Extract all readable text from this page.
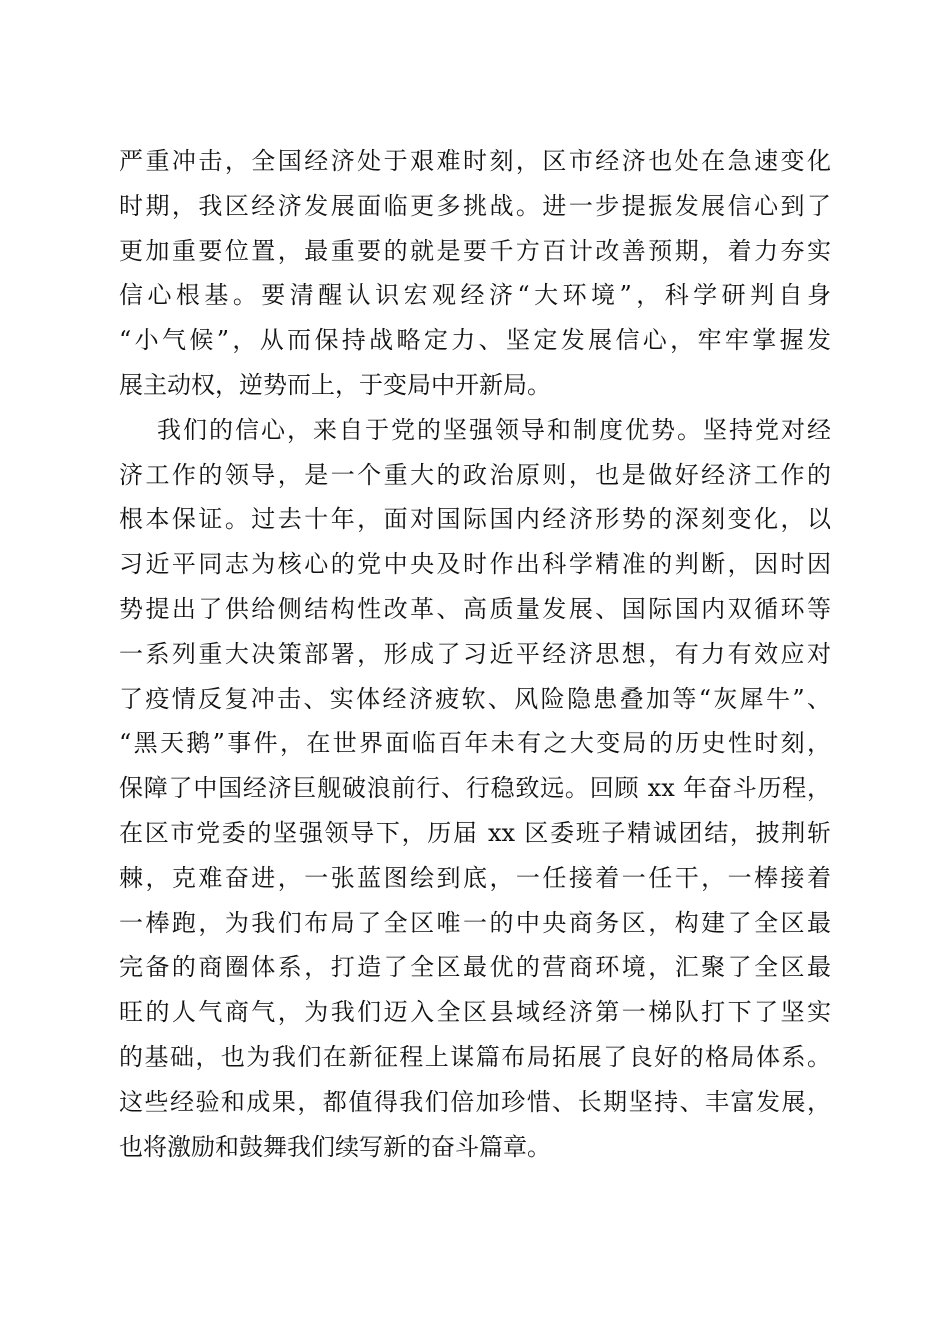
严重冲击，全国经济处于艰难时刻，区市经济也处在急速变化
时期，我区经济发展面临更多挑战。进一步提振发展信心到了
更加重要位置，最重要的就是要千方百计改善预期，着力夯实
信心根基。要清醒认识宏观经济“大环境”，科学研判自身
“小气候”，从而保持战略定力、坚定发展信心，牢牢掌握发
展主动权，逆势而上，于变局中开新局。
我们的信心，来自于党的坚强领导和制度优势。坚持党对经
济工作的领导，是一个重大的政治原则，也是做好经济工作的
根本保证。过去十年，面对国际国内经济形势的深刻变化，以
习近平同志为核心的党中央及时作出科学精准的判断，因时因
势提出了供给侧结构性改革、高质量发展、国际国内双循环等
一系列重大决策部署，形成了习近平经济思想，有力有效应对
了疫情反复冲击、实体经济疲软、风险隐患叠加等“灰犀牛”、
“黑天鹅”事件，在世界面临百年未有之大变局的历史性时刻，
保障了中国经济巨舰破浪前行、行稳致远。回顾 xx 年奋斗历程，
在区市党委的坚强领导下，历届 xx 区委班子精诚团结，披荆斩
棘，克难奋进，一张蓝图绘到底，一任接着一任干，一棒接着
一棒跑，为我们布局了全区唯一的中央商务区，构建了全区最
完备的商圈体系，打造了全区最优的营商环境，汇聚了全区最
旺的人气商气，为我们迈入全区县域经济第一梯队打下了坚实
的基础，也为我们在新征程上谋篇布局拓展了良好的格局体系。
这些经验和成果，都值得我们倍加珍惜、长期坚持、丰富发展，
也将激励和鼓舞我们续写新的奋斗篇章。
